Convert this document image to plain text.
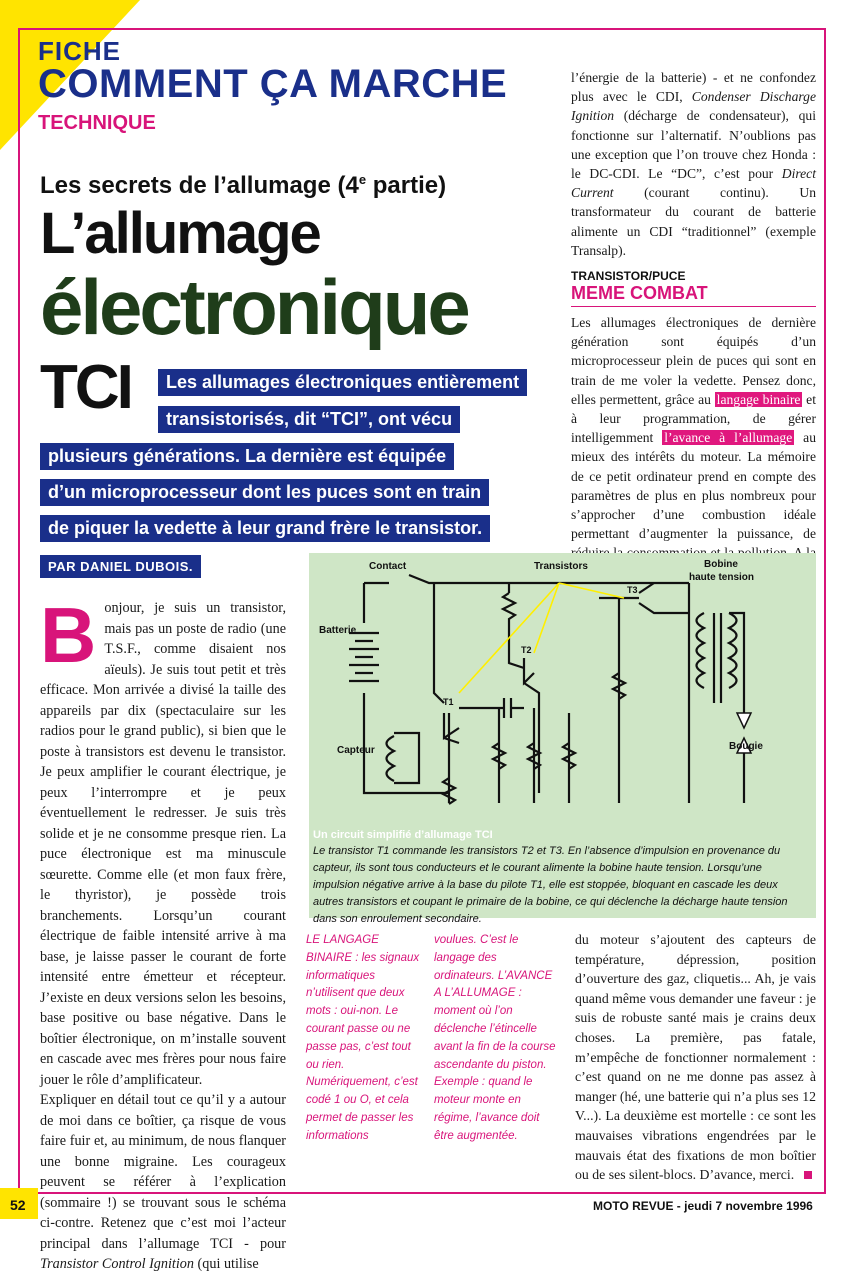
FICHE
COMMENT ÇA MARCHE
TECHNIQUE
Les secrets de l’allumage (4e partie)
L’allumage
électronique
TCI	Les allumages électroniques entièrement
transistorisés, dit “TCI”, ont vécu
plusieurs générations. La dernière est équipée
d’un microprocesseur dont les puces sont en train
de piquer la vedette à leur grand frère le transistor.
PAR DANIEL DUBOIS.
B onjour, je suis un transistor, mais pas un poste de radio (une T.S.F., comme disaient nos aïeuls). Je suis tout petit et très efficace. Mon arrivée a divisé la taille des appareils par dix (spectaculaire sur les radios pour le grand public), si bien que le poste à transistors est devenu le transistor. Je peux amplifier le courant électrique, je peux l’interrompre et je peux éventuellement le redresser. Je suis très solide et je ne consomme presque rien. La puce électronique est ma minuscule sœurette. Comme elle (et mon faux frère, le thyristor), je possède trois branchements. Lorsqu’un courant électrique de faible intensité arrive à ma base, je laisse passer le courant de forte intensité entre émetteur et récepteur. J’existe en deux versions selon les besoins, base positive ou base négative. Dans le boîtier électronique, on m’installe souvent en cascade avec mes frères pour nous faire jouer le rôle d’amplificateur.

Expliquer en détail tout ce qu’il y a autour de moi dans ce boîtier, ça risque de vous faire fuir et, au minimum, de nous flanquer une bonne migraine. Les courageux peuvent se référer à l’explication (sommaire !) se trouvant sous le schéma ci-contre. Retenez que c’est moi l’acteur principal dans l’allumage TCI - pour Transistor Control Ignition (qui utilise

l’énergie de la batterie) - et ne confondez plus avec le CDI, Condenser Discharge Ignition (décharge de condensateur), qui fonctionne sur l’alternatif. N’oublions pas une exception que l’on trouve chez Honda : le DC-CDI. Le “DC”, c’est pour Direct Current (courant continu). Un transformateur du courant de batterie alimente un CDI “traditionnel” (exemple Transalp).

TRANSISTOR/PUCE
MEME COMBAT

Les allumages électroniques de dernière génération sont équipés d’un microprocesseur plein de puces qui sont en train de me voler la vedette. Pensez donc, elles permettent, grâce au langage binaire et à leur programmation, de gérer intelligemment l’avance à l’allumage au mieux des intérêts du moteur. La mémoire de ce petit ordinateur prend en compte des paramètres de plus en plus nombreux pour s’approcher d’une combustion idéale permettant d’augmenter la puissance, de

Contact	Transistors	Bobine
haute tension
Batterie
Capteur	Bougie
T1
T2
T3
Un circuit simplifié d’allumage TCI
Le transistor T1 commande les transistors T2 et T3. En l’absence d’impulsion en provenance du capteur, ils sont tous conducteurs et le courant alimente la bobine haute tension. Lorsqu’une impulsion négative arrive à la base du pilote T1, elle est stoppée, bloquant en cascade les deux autres transistors et coupant le primaire de la bobine, ce qui déclenche la décharge haute tension dans son enroulement secondaire.
LE LANGAGE BINAIRE : les signaux informatiques n’utilisent que deux mots : oui-non. Le courant passe ou ne passe pas, c’est tout ou rien. Numériquement, c’est codé 1 ou O, et cela permet de passer les informations
voulues. C’est le langage des ordinateurs. L’AVANCE A L’ALLUMAGE : moment où l’on déclenche l’étincelle avant la fin de la course ascendante du piston. Exemple : quand le moteur monte en régime, l’avance doit être augmentée.

du moteur s’ajoutent des capteurs de température, dépression, position d’ouverture des gaz, cliquetis... Ah, je vais quand même vous demander une faveur : je suis de robuste santé mais je crains deux choses. La première, pas fatale, m’empêche de fonctionner normalement : c’est quand on ne me donne pas assez à manger (hé, une batterie qui n’a plus ses 12 V...). La deuxième est mortelle : ce sont les mauvaises vibrations engendrées par le mauvais état des fixations de mon boîtier ou de ses silent-blocs. D’avance, merci.

52	MOTO REVUE - jeudi 7 novembre 1996
